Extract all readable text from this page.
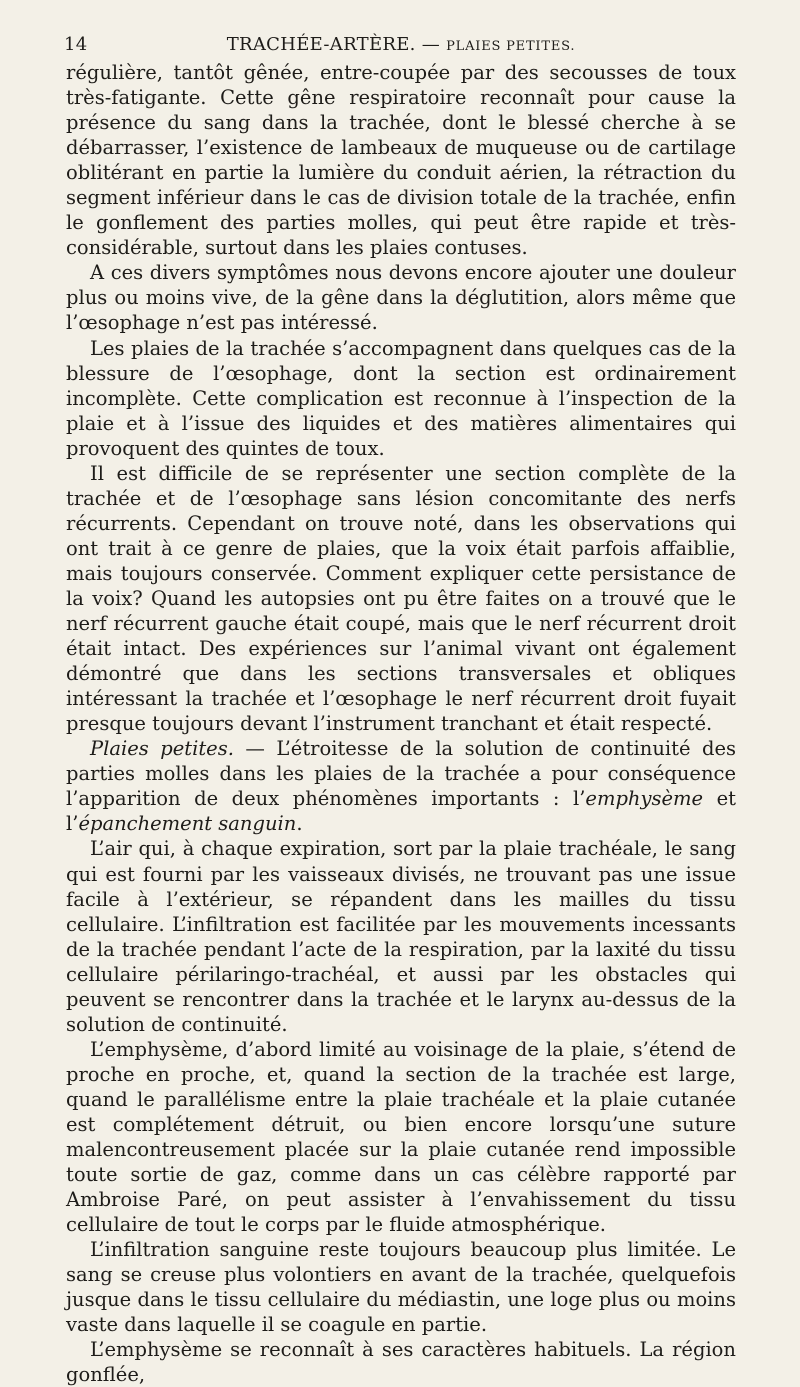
14	TRACHÉE-ARTÈRE. — PLAIES PETITES.

régulière, tantôt gênée, entre-coupée par des secousses de toux très-fatigante. Cette gêne respiratoire reconnaît pour cause la présence du sang dans la trachée, dont le blessé cherche à se débarrasser, l’existence de lambeaux de muqueuse ou de cartilage oblitérant en partie la lumière du conduit aérien, la rétraction du segment inférieur dans le cas de division totale de la trachée, enfin le gonflement des parties molles, qui peut être rapide et très-considérable, surtout dans les plaies contuses.

A ces divers symptômes nous devons encore ajouter une douleur plus ou moins vive, de la gêne dans la déglutition, alors même que l’œsophage n’est pas intéressé.

Les plaies de la trachée s’accompagnent dans quelques cas de la blessure de l’œsophage, dont la section est ordinairement incomplète. Cette complication est reconnue à l’inspection de la plaie et à l’issue des liquides et des matières alimentaires qui provoquent des quintes de toux.

Il est difficile de se représenter une section complète de la trachée et de l’œsophage sans lésion concomitante des nerfs récurrents. Cependant on trouve noté, dans les observations qui ont trait à ce genre de plaies, que la voix était parfois affaiblie, mais toujours conservée. Comment expliquer cette persistance de la voix? Quand les autopsies ont pu être faites on a trouvé que le nerf récurrent gauche était coupé, mais que le nerf récurrent droit était intact. Des expériences sur l’animal vivant ont également démontré que dans les sections transversales et obliques intéressant la trachée et l’œsophage le nerf récurrent droit fuyait presque toujours devant l’instrument tranchant et était respecté.

Plaies petites. — L’étroitesse de la solution de continuité des parties molles dans les plaies de la trachée a pour conséquence l’apparition de deux phénomènes importants : l’emphysème et l’épanchement sanguin.

L’air qui, à chaque expiration, sort par la plaie trachéale, le sang qui est fourni par les vaisseaux divisés, ne trouvant pas une issue facile à l’extérieur, se répandent dans les mailles du tissu cellulaire. L’infiltration est facilitée par les mouvements incessants de la trachée pendant l’acte de la respiration, par la laxité du tissu cellulaire périlaringo-trachéal, et aussi par les obstacles qui peuvent se rencontrer dans la trachée et le larynx au-dessus de la solution de continuité.

L’emphysème, d’abord limité au voisinage de la plaie, s’étend de proche en proche, et, quand la section de la trachée est large, quand le parallélisme entre la plaie trachéale et la plaie cutanée est complétement détruit, ou bien encore lorsqu’une suture malencontreusement placée sur la plaie cutanée rend impossible toute sortie de gaz, comme dans un cas célèbre rapporté par Ambroise Paré, on peut assister à l’envahissement du tissu cellulaire de tout le corps par le fluide atmosphérique.

L’infiltration sanguine reste toujours beaucoup plus limitée. Le sang se creuse plus volontiers en avant de la trachée, quelquefois jusque dans le tissu cellulaire du médiastin, une loge plus ou moins vaste dans laquelle il se coagule en partie.

L’emphysème se reconnaît à ses caractères habituels. La région gonflée,
